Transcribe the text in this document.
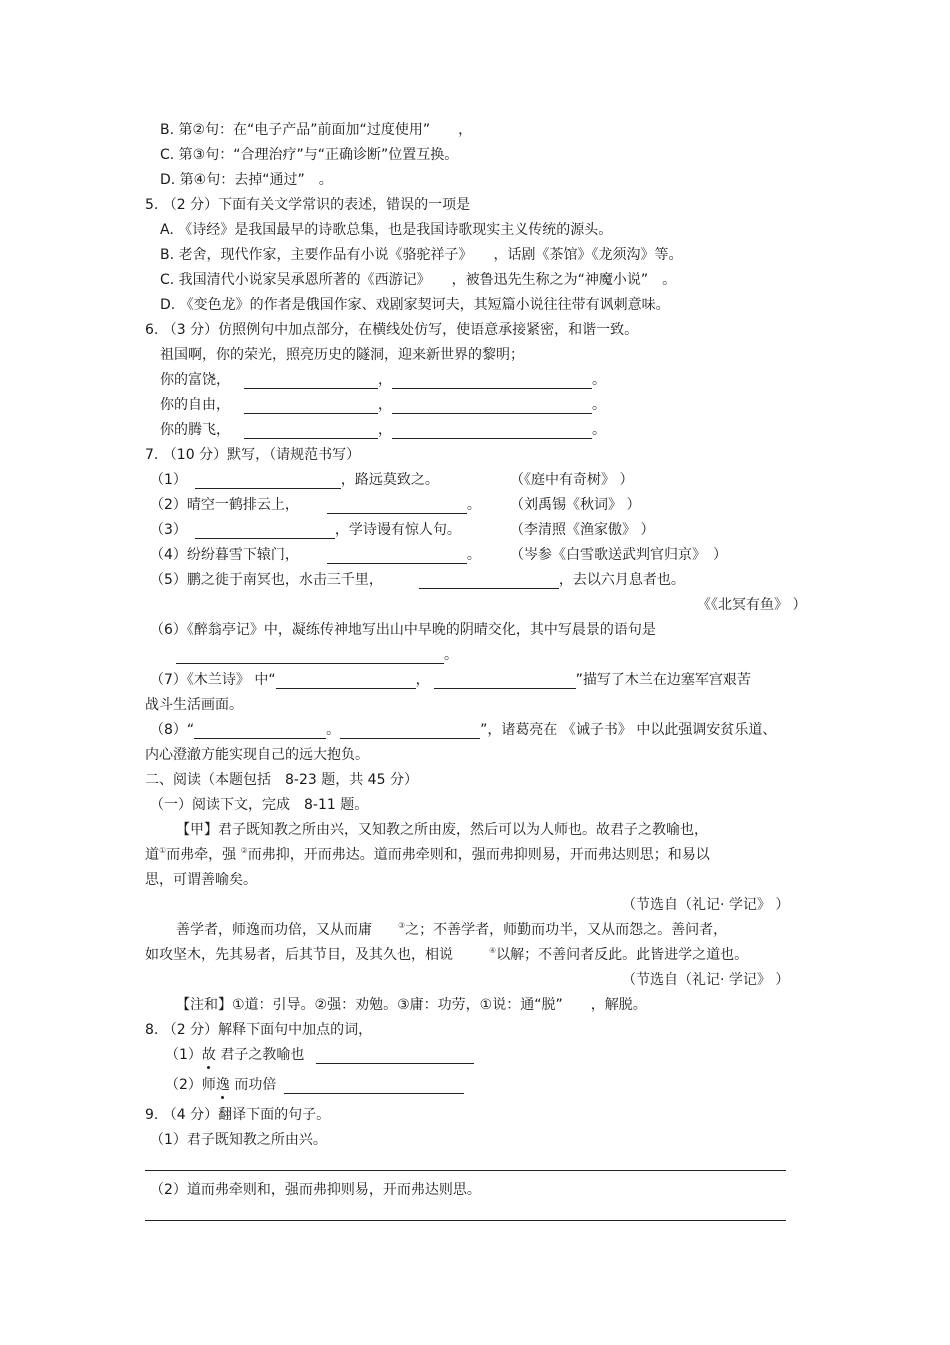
B. 第②句：在“电子产品”前面加“过度使用”　　，
C. 第③句：“合理治疗”与“正确诊断”位置互换。
D. 第④句：去掉“通过”　。
5. （2 分）下面有关文学常识的表述，错误的一项是
A. 《诗经》是我国最早的诗歌总集，也是我国诗歌现实主义传统的源头。
B. 老舍，现代作家，主要作品有小说《骆驼祥子》　　，话剧《茶馆》《龙须沟》等。
C. 我国清代小说家吴承恩所著的《西游记》　　，被鲁迅先生称之为“神魔小说”　。
D. 《变色龙》的作者是俄国作家、戏剧家契诃夫，其短篇小说往往带有讽刺意味。
6. （3 分）仿照例句中加点部分，在横线处仿写，使语意承接紧密，和谐一致。
祖国啊，你的荣光，照亮历史的隧洞，迎来新世界的黎明；
你的富饶，	，	。
你的自由，	，	。
你的腾飞，	，	。
7. （10 分）默写，（请规范书写）
（1）	，路远莫致之。	（《庭中有奇树》 ）
（2）晴空一鹤排云上，	。 （刘禹锡《秋词》 ）
（3）	，学诗谩有惊人句。	（李清照《渔家傲》 ）
（4）纷纷暮雪下辕门，	。 （岑参《白雪歌送武判官归京》　）
（5）鹏之徙于南冥也，水击三千里，	，去以六月息者也。
《《北冥有鱼》 ）
（6）《醉翁亭记》中，凝练传神地写出山中早晚的阴晴交化，其中写晨景的语句是
。
（7）《木兰诗》 中“	，	”描写了木兰在边塞军宫艰苦
战斗生活画面。
（8）“	。	”，诸葛亮在 《诫子书》 中以此强调安贫乐道、
内心澄澈方能实现自己的远大抱负。
二、阅读（本题包括　8-23 题，共 45 分）
（一）阅读下文，完成　8-11 题。
【甲】君子既知教之所由兴，又知教之所由废，然后可以为人师也。故君子之教喻也，
道①而弗牵，强 ②而弗抑，开而弗达。道而弗牵则和，强而弗抑则易，开而弗达则思；和易以
思，可谓善喻矣。
（节选自（礼记· 学记》 ）
善学者，师逸而功倍，又从而庸	③之；不善学者，师勤而功半，又从而怨之。善问者，
如攻坚木，先其易者，后其节目，及其久也，相说	④以解；不善问者反此。此皆进学之道也。
（节选自（礼记· 学记》 ）
【注和】①道：引导。②强：劝勉。③庸：功劳，①说：通“脱”　　，解脱。
8. （2 分）解释下面句中加点的词，
（1）故 君子之教喻也
（2）师逸 而功倍
9. （4 分）翻译下面的句子。
（1）君子既知教之所由兴。
（2）道而弗牵则和，强而弗抑则易，开而弗达则思。
